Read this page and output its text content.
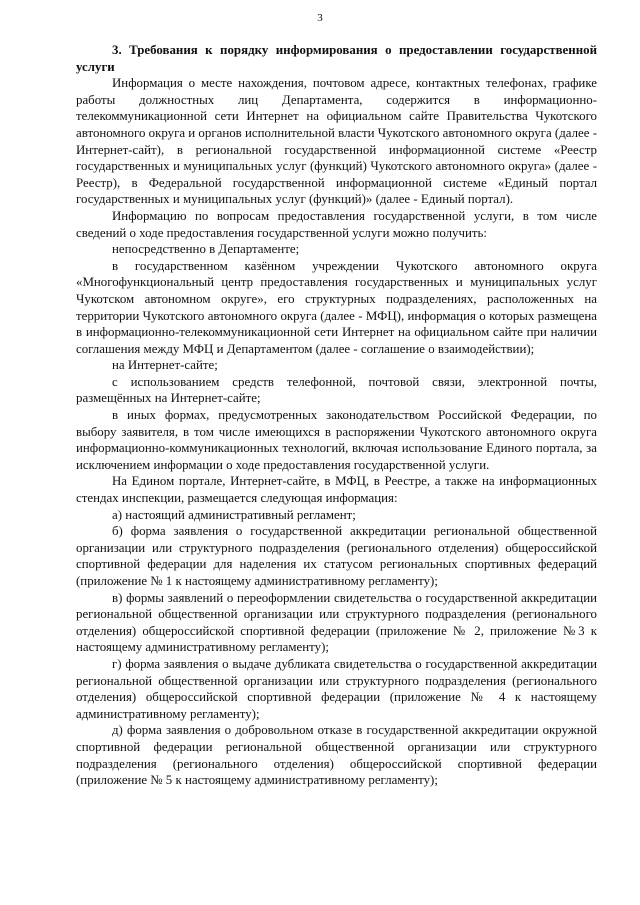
3

3. Требования к порядку информирования о предоставлении государственной услуги

Информация о месте нахождения, почтовом адресе, контактных телефонах, графике работы должностных лиц Департамента, содержится в информационно-телекоммуникационной сети Интернет на официальном сайте Правительства Чукотского автономного округа и органов исполнительной власти Чукотского автономного округа (далее - Интернет-сайт), в региональной государственной информационной системе «Реестр государственных и муниципальных услуг (функций) Чукотского автономного округа» (далее - Реестр), в Федеральной государственной информационной системе «Единый портал государственных и муниципальных услуг (функций)» (далее - Единый портал).

Информацию по вопросам предоставления государственной услуги, в том числе сведений о ходе предоставления государственной услуги можно получить:

непосредственно в Департаменте;

в государственном казённом учреждении Чукотского автономного округа «Многофункциональный центр предоставления государственных и муниципальных услуг Чукотском автономном округе», его структурных подразделениях, расположенных на территории Чукотского автономного округа (далее - МФЦ), информация о которых размещена в информационно-телекоммуникационной сети Интернет на официальном сайте при наличии соглашения между МФЦ и Департаментом (далее - соглашение о взаимодействии);

на Интернет-сайте;

с использованием средств телефонной, почтовой связи, электронной почты, размещённых на Интернет-сайте;

в иных формах, предусмотренных законодательством Российской Федерации, по выбору заявителя, в том числе имеющихся в распоряжении Чукотского автономного округа информационно-коммуникационных технологий, включая использование Единого портала, за исключением информации о ходе предоставления государственной услуги.

На Едином портале, Интернет-сайте, в МФЦ, в Реестре, а также на информационных стендах инспекции, размещается следующая информация:

а) настоящий административный регламент;

б) форма заявления о государственной аккредитации региональной общественной организации или структурного подразделения (регионального отделения) общероссийской спортивной федерации для наделения их статусом региональных спортивных федераций (приложение № 1 к настоящему административному регламенту);

в) формы заявлений о переоформлении свидетельства о государственной аккредитации региональной общественной организации или структурного подразделения (регионального отделения) общероссийской спортивной федерации (приложение № 2, приложение №3 к настоящему административному регламенту);

г) форма заявления о выдаче дубликата свидетельства о государственной аккредитации региональной общественной организации или структурного подразделения (регионального отделения) общероссийской спортивной федерации (приложение № 4 к настоящему административному регламенту);

д) форма заявления о добровольном отказе в государственной аккредитации окружной спортивной федерации региональной общественной организации или структурного подразделения (регионального отделения) общероссийской спортивной федерации (приложение № 5 к настоящему административному регламенту);
